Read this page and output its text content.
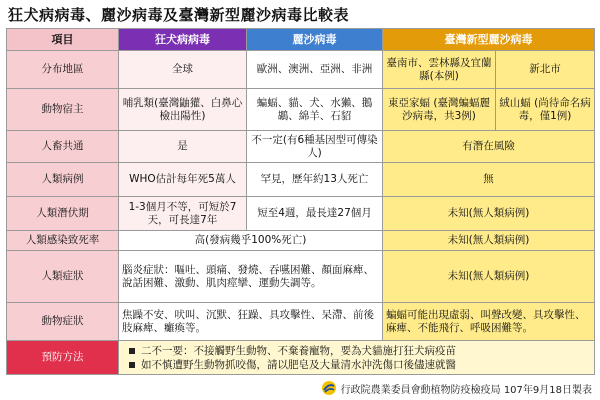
狂犬病病毒、麗沙病毒及臺灣新型麗沙病毒比較表
項目	狂犬病病毒	麗沙病毒	臺灣新型麗沙病毒	
分布地區	全球	歐洲、澳洲、亞洲、非洲	臺南市、雲林縣及宜蘭縣(本例)	新北市
動物宿主	哺乳類(臺灣鼬獾、白鼻心檢出陽性)	蝙蝠、貓、犬、水獺、鵝鶘、綿羊、石貂	東亞家蝠 (臺灣蝙蝠麗沙病毒，共3例)	絨山蝠 (尚待命名病毒，僅1例)
人畜共通	是	不一定(有6種基因型可傳染人)	有潛在風險	
人類病例	WHO估計每年死5萬人	罕見，歷年約13人死亡	無	
人類潛伏期	1-3個月不等，可短於7天，可長達7年	短至4週，最長達27個月	未知(無人類病例)	
人類感染致死率	高(發病幾乎100%死亡)		未知(無人類病例)	
人類症狀	腦炎症狀：嘔吐、頭痛、發燒、吞嚥困難、顏面麻痺、說話困難、激動、肌肉痙攣、運動失調等。		未知(無人類病例)	
動物症狀	焦躁不安、吠叫、沉默、狂躁、具攻擊性、呆滯、前後肢麻痺、癱瘓等。		蝙蝠可能出現虛弱、叫聲改變、具攻擊性、麻痺、不能飛行、呼吸困難等。	
預防方法	二不一要：不接觸野生動物、不棄養寵物，要為犬貓施打狂犬病疫苗
如不慎遭野生動物抓咬傷，請以肥皂及大量清水沖洗傷口後儘速就醫			
行政院農業委員會動植物防疫檢疫局 107年9月18日製表
